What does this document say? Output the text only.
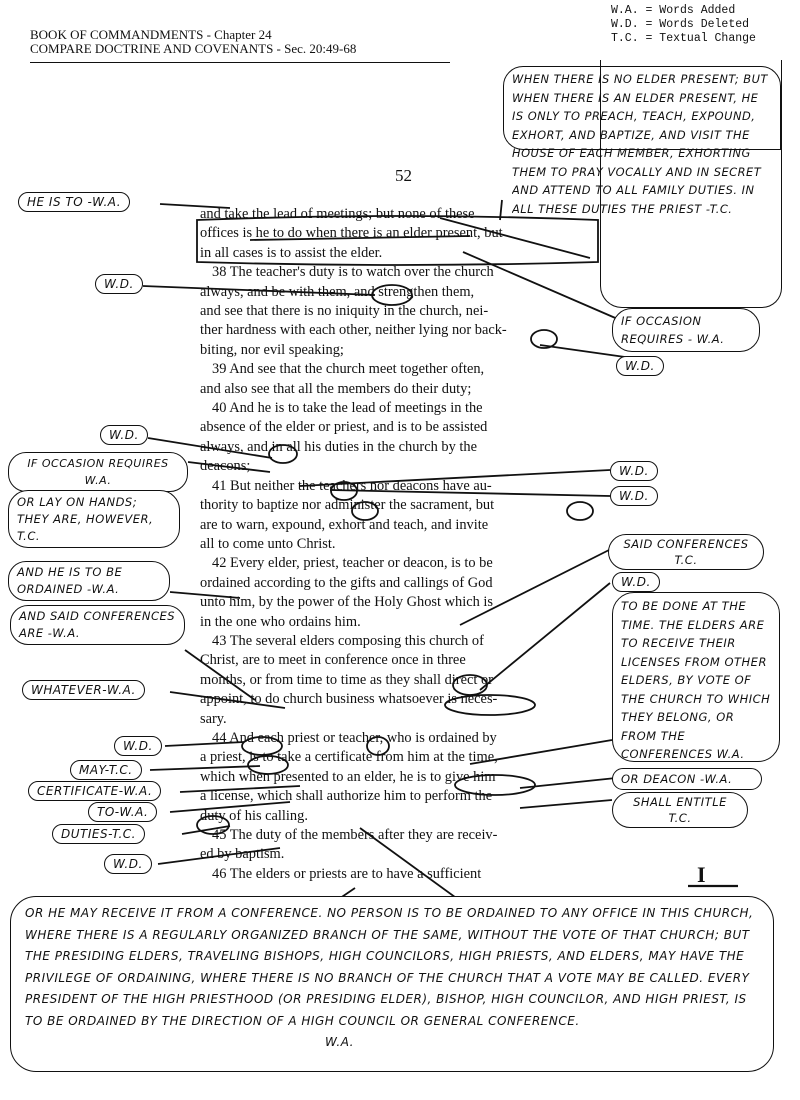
BOOK OF COMMANDMENTS - Chapter 24
COMPARE DOCTRINE AND COVENANTS - Sec. 20:49-68
W.A. = Words Added
W.D. = Words Deleted
T.C. = Textual Change
52
and take the lead of meetings; but none of these
offices is he to do when there is an elder present, but
in all cases is to assist the elder.
38 The teacher's duty is to watch over the church
always, and be with them, and strengthen them,
and see that there is no iniquity in the church, nei-
ther hardness with each other, neither lying nor back-
biting, nor evil speaking;
39 And see that the church meet together often,
and also see that all the members do their duty;
40 And he is to take the lead of meetings in the
absence of the elder or priest, and is to be assisted
always, and in all his duties in the church by the
deacons;
41 But neither the teachers nor deacons have au-
thority to baptize nor administer the sacrament, but
are to warn, expound, exhort and teach, and invite
all to come unto Christ.
42 Every elder, priest, teacher or deacon, is to be
ordained according to the gifts and callings of God
unto him, by the power of the Holy Ghost which is
in the one who ordains him.
43 The several elders composing this church of
Christ, are to meet in conference once in three
months, or from time to time as they shall direct or
appoint, to do church business whatsoever is neces-
sary.
44 And each priest or teacher, who is ordained by
a priest, is to take a certificate from him at the time,
which when presented to an elder, he is to give him
a license, which shall authorize him to perform the
duty of his calling.
45 The duty of the members after they are receiv-
ed by baptism.
46 The elders or priests are to have a sufficient
WHEN THERE IS NO ELDER PRESENT; BUT WHEN THERE IS AN ELDER PRESENT, HE IS ONLY TO PREACH, TEACH, EXPOUND, EXHORT, AND BAPTIZE, AND VISIT THE HOUSE OF EACH MEMBER, EXHORTING THEM TO PRAY VOCALLY AND IN SECRET AND ATTEND TO ALL FAMILY DUTIES. IN ALL THESE DUTIES THE PRIEST -T.C.
HE IS TO -W.A.
W.D.
IF OCCASION REQUIRES - W.A.
W.D.
W.D.
IF OCCASION REQUIRES W.A.
W.D.
W.D.
OR LAY ON HANDS; THEY ARE, HOWEVER, T.C.
SAID CONFERENCES T.C.
AND HE IS TO BE ORDAINED -W.A.	W.D.
TO BE DONE AT THE TIME. THE ELDERS ARE TO RECEIVE THEIR LICENSES FROM OTHER ELDERS, BY VOTE OF THE CHURCH TO WHICH THEY BELONG, OR FROM THE CONFERENCES W.A.
AND SAID CONFERENCES ARE -W.A.
WHATEVER-W.A.
W.D.
MAY-T.C.
OR DEACON -W.A.
CERTIFICATE-W.A.
SHALL ENTITLE T.C.
TO-W.A.
DUTIES-T.C.
W.D.	I
OR HE MAY RECEIVE IT FROM A CONFERENCE. NO PERSON IS TO BE ORDAINED TO ANY OFFICE IN THIS CHURCH, WHERE THERE IS A REGULARLY ORGANIZED BRANCH OF THE SAME, WITHOUT THE VOTE OF THAT CHURCH; BUT THE PRESIDING ELDERS, TRAVELING BISHOPS, HIGH COUNCILORS, HIGH PRIESTS, AND ELDERS, MAY HAVE THE PRIVILEGE OF ORDAINING, WHERE THERE IS NO BRANCH OF THE CHURCH THAT A VOTE MAY BE CALLED. EVERY PRESIDENT OF THE HIGH PRIESTHOOD (OR PRESIDING ELDER), BISHOP, HIGH COUNCILOR, AND HIGH PRIEST, IS TO BE ORDAINED BY THE DIRECTION OF A HIGH COUNCIL OR GENERAL CONFERENCE.
W.A.
